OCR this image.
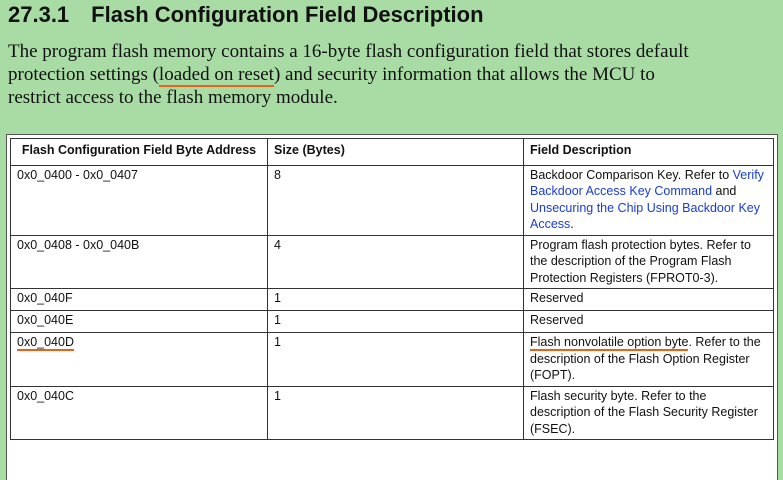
27.3.1 Flash Configuration Field Description
The program flash memory contains a 16-byte flash configuration field that stores default
protection settings (loaded on reset) and security information that allows the MCU to
restrict access to the flash memory module.
Flash Configuration Field Byte Address	Size (Bytes)	Field Description
0x0_0400 - 0x0_0407	8	Backdoor Comparison Key. Refer to Verify Backdoor Access Key Command and Unsecuring the Chip Using Backdoor Key Access.
0x0_0408 - 0x0_040B	4	Program flash protection bytes. Refer to the description of the Program Flash Protection Registers (FPROT0-3).
0x0_040F	1	Reserved
0x0_040E	1	Reserved
0x0_040D	1	Flash nonvolatile option byte. Refer to the description of the Flash Option Register (FOPT).
0x0_040C	1	Flash security byte. Refer to the description of the Flash Security Register (FSEC).
